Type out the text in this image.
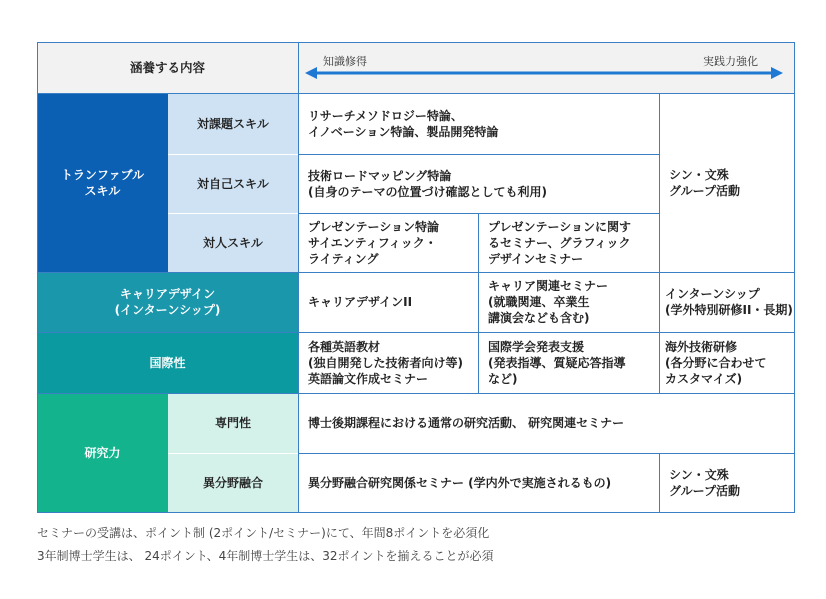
涵養する内容	知識修得	実践力強化
トランファブル
スキル
対課題スキル
対自己スキル
対人スキル
リサーチメソドロジー特論、
イノベーション特論、製品開発特論
技術ロードマッピング特論
(自身のテーマの位置づけ確認としても利用)
プレゼンテーション特論
サイエンティフィック・
ライティング
プレゼンテーションに関す
るセミナー、グラフィック
デザインセミナー
シン・文殊
グループ活動
キャリアデザイン
(インターンシップ)
キャリアデザインII
キャリア関連セミナー
(就職関連、卒業生
講演会なども含む)
インターンシップ
(学外特別研修II・長期)
国際性
各種英語教材
(独自開発した技術者向け等)
英語論文作成セミナー
国際学会発表支援
(発表指導、質疑応答指導
など)
海外技術研修
(各分野に合わせて
カスタマイズ)
研究力
専門性
異分野融合
博士後期課程における通常の研究活動、 研究関連セミナー
異分野融合研究関係セミナー (学内外で実施されるもの)
シン・文殊
グループ活動
セミナーの受講は、ポイント制 (2ポイント/セミナー)にて、年間8ポイントを必須化
3年制博士学生は、 24ポイント、4年制博士学生は、32ポイントを揃えることが必須
